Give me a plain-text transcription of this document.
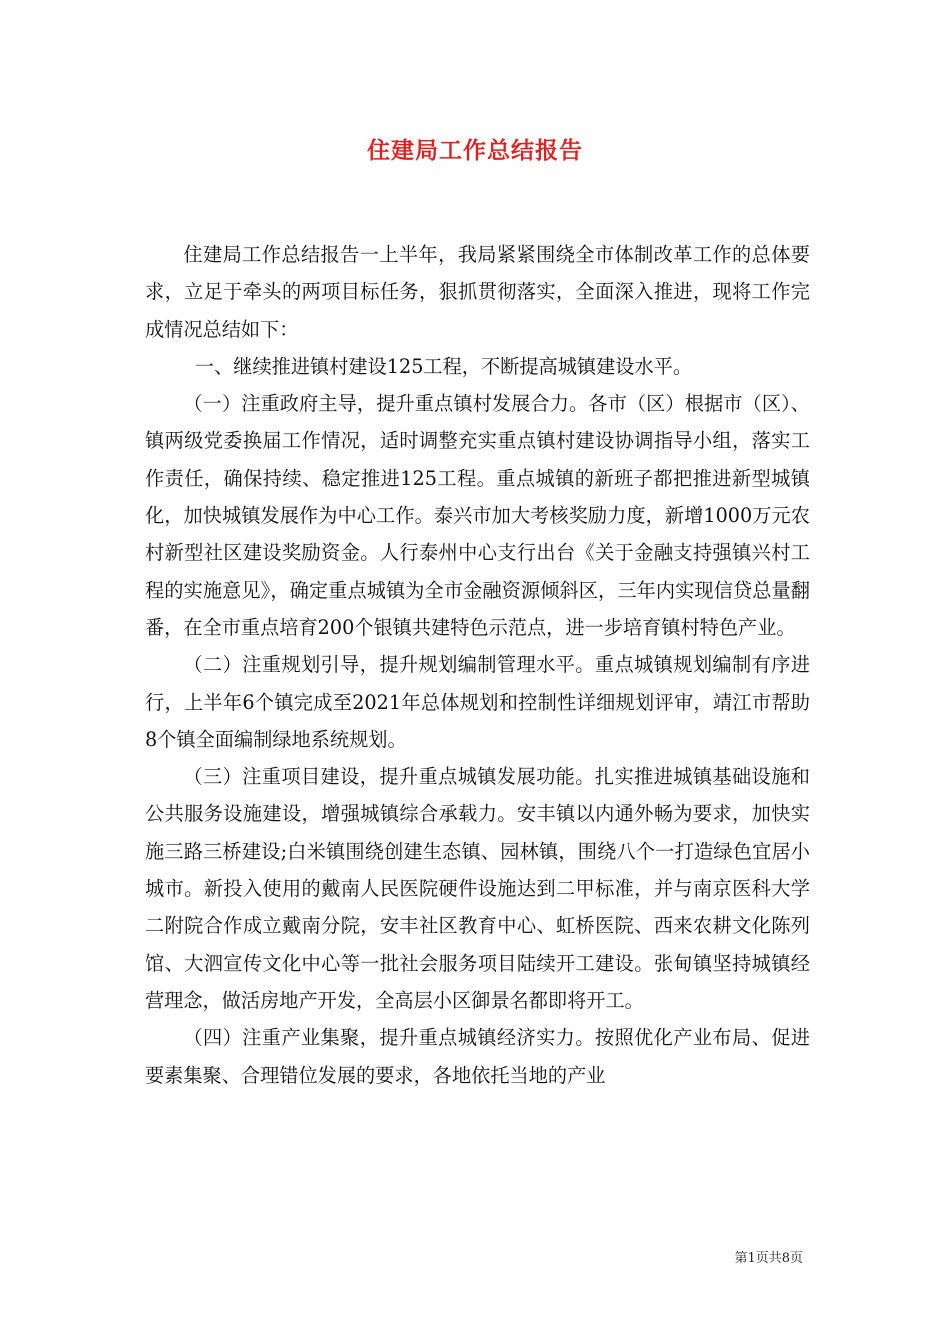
住建局工作总结报告

住建局工作总结报告一上半年，我局紧紧围绕全市体制改革工作的总体要求，立足于牵头的两项目标任务，狠抓贯彻落实，全面深入推进，现将工作完成情况总结如下：

一、继续推进镇村建设125工程，不断提高城镇建设水平。

（一）注重政府主导，提升重点镇村发展合力。各市（区）根据市（区）、镇两级党委换届工作情况，适时调整充实重点镇村建设协调指导小组，落实工作责任，确保持续、稳定推进125工程。重点城镇的新班子都把推进新型城镇化，加快城镇发展作为中心工作。泰兴市加大考核奖励力度，新增1000万元农村新型社区建设奖励资金。人行泰州中心支行出台《关于金融支持强镇兴村工程的实施意见》，确定重点城镇为全市金融资源倾斜区，三年内实现信贷总量翻番，在全市重点培育200个银镇共建特色示范点，进一步培育镇村特色产业。

（二）注重规划引导，提升规划编制管理水平。重点城镇规划编制有序进行，上半年6个镇完成至2021年总体规划和控制性详细规划评审，靖江市帮助8个镇全面编制绿地系统规划。

（三）注重项目建设，提升重点城镇发展功能。扎实推进城镇基础设施和公共服务设施建设，增强城镇综合承载力。安丰镇以内通外畅为要求，加快实施三路三桥建设;白米镇围绕创建生态镇、园林镇，围绕八个一打造绿色宜居小城市。新投入使用的戴南人民医院硬件设施达到二甲标准，并与南京医科大学二附院合作成立戴南分院，安丰社区教育中心、虹桥医院、西来农耕文化陈列馆、大泗宣传文化中心等一批社会服务项目陆续开工建设。张甸镇坚持城镇经营理念，做活房地产开发，全高层小区御景名都即将开工。

（四）注重产业集聚，提升重点城镇经济实力。按照优化产业布局、促进要素集聚、合理错位发展的要求，各地依托当地的产业

第1页共8页
